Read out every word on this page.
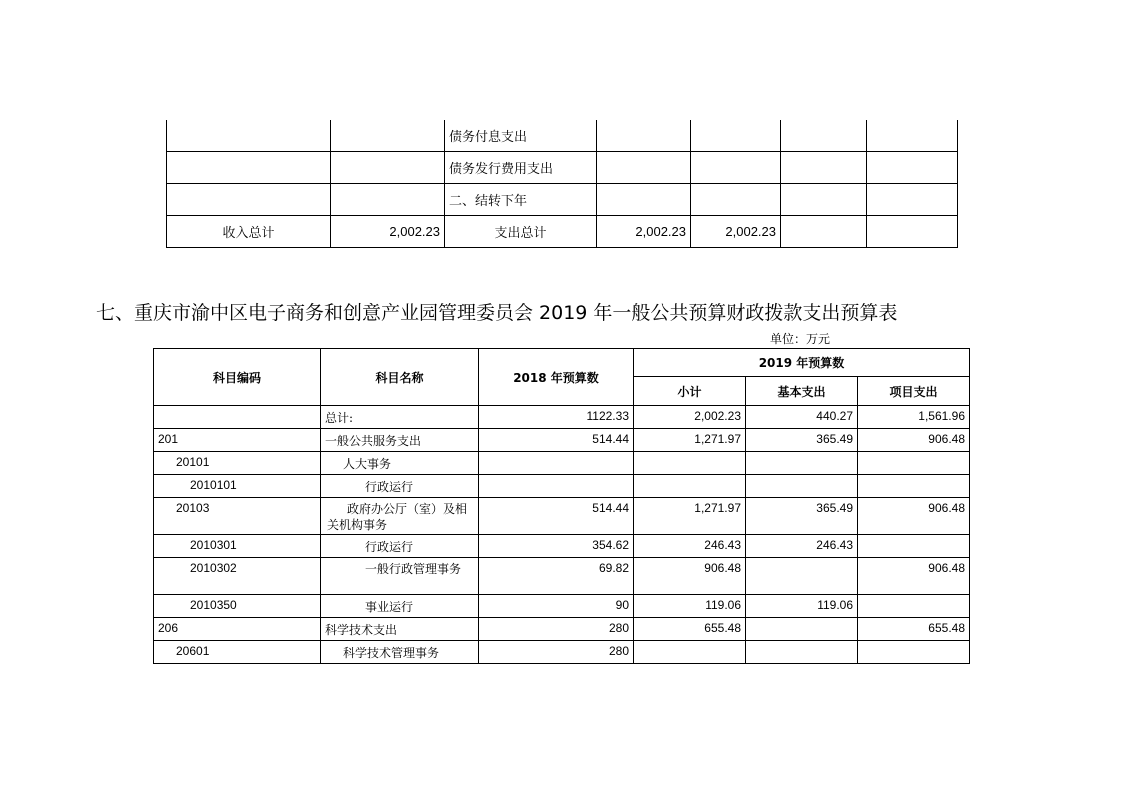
		债务付息支出				
		债务发行费用支出				
		二、结转下年				
收入总计	2,002.23	支出总计	2,002.23	2,002.23		
七、重庆市渝中区电子商务和创意产业园管理委员会 2019 年一般公共预算财政拨款支出预算表
单位：万元
科目编码	科目名称	2018 年预算数	2019 年预算数		
			小计	基本支出	项目支出
	总计:	1122.33	2,002.23	440.27	1,561.96
201	一般公共服务支出	514.44	1,271.97	365.49	906.48
20101	人大事务				
2010101	行政运行				
20103	政府办公厅（室）及相关机构事务	514.44	1,271.97	365.49	906.48
2010301	行政运行	354.62	246.43	246.43	
2010302	一般行政管理事务	69.82	906.48		906.48
2010350	事业运行	90	119.06	119.06	
206	科学技术支出	280	655.48		655.48
20601	科学技术管理事务	280			
